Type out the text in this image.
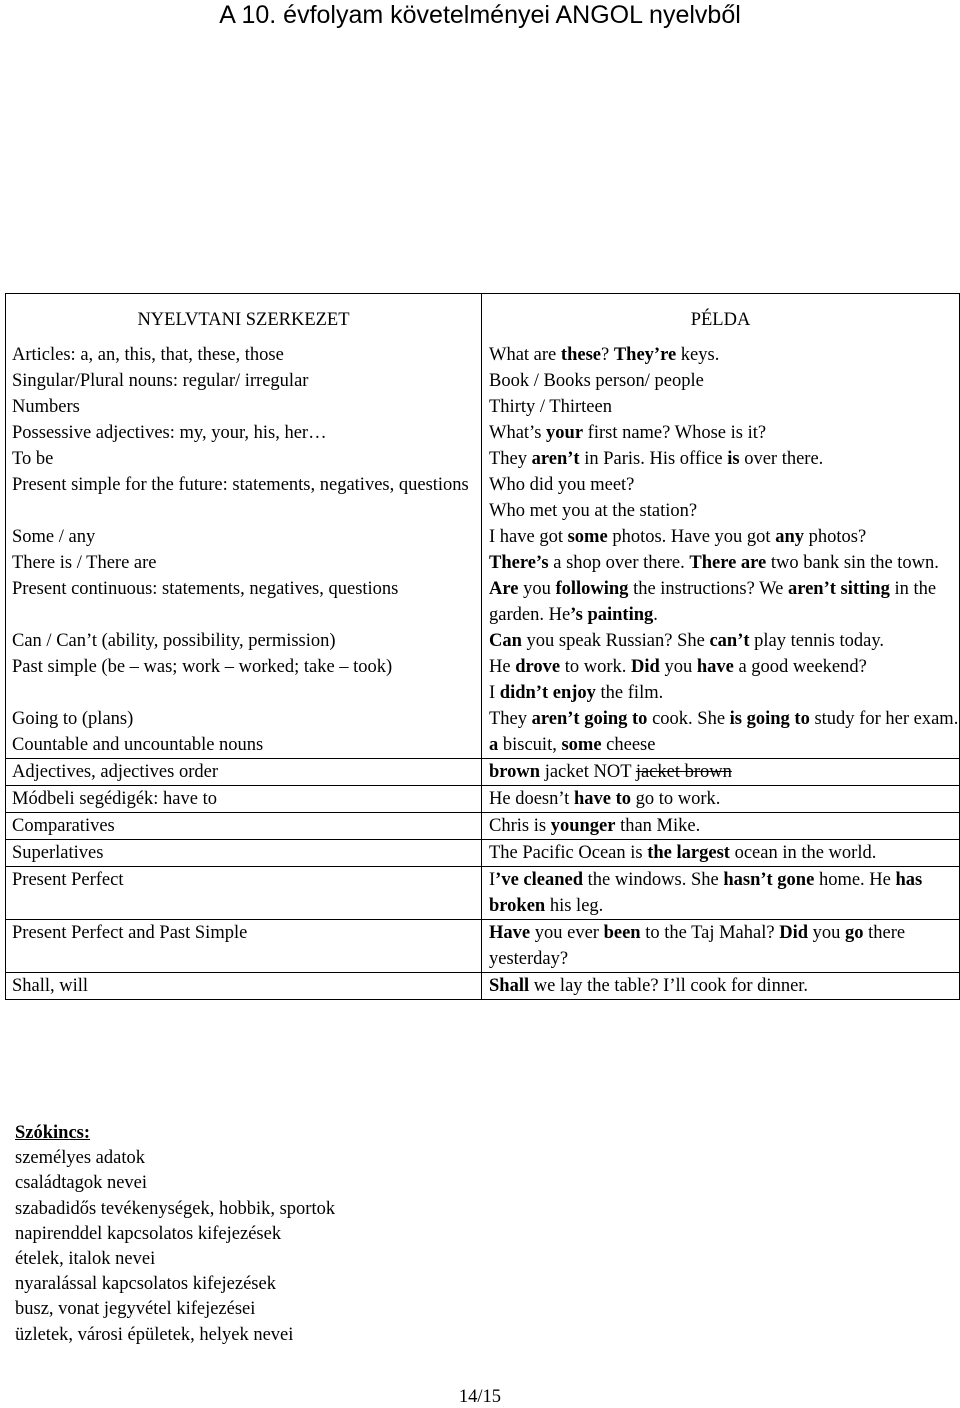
A 10. évfolyam követelményei ANGOL nyelvből
NYELVTANI SZERKEZET	PÉLDA
Articles: a, an, this, that, these, those	What are these? They’re keys.
Singular/Plural nouns: regular/ irregular	Book / Books person/ people
Numbers	Thirty / Thirteen
Possessive adjectives: my, your, his, her…	What’s your first name? Whose is it?
To be	They aren’t in Paris. His office is over there.
Present simple for the future: statements, negatives, questions	Who did you meet?
Who met you at the station?
Some / any	I have got some photos. Have you got any photos?
There is / There are	There’s a shop over there. There are two bank sin the town.
Present continuous: statements, negatives, questions	Are you following the instructions? We aren’t sitting in the garden. He’s painting.
Can / Can’t (ability, possibility, permission)	Can you speak Russian? She can’t play tennis today.
Past simple (be – was; work – worked; take – took)	He drove to work. Did you have a good weekend?
I didn’t enjoy the film.
Going to (plans)	They aren’t going to cook. She is going to study for her exam.
Countable and uncountable nouns	a biscuit, some cheese
Adjectives, adjectives order	brown jacket NOT jacket brown
Módbeli segédigék: have to	He doesn’t have to go to work.
Comparatives	Chris is younger than Mike.
Superlatives	The Pacific Ocean is the largest ocean in the world.
Present Perfect	I’ve cleaned the windows. She hasn’t gone home. He has broken his leg.
Present Perfect and Past Simple	Have you ever been to the Taj Mahal? Did you go there yesterday?
Shall, will	Shall we lay the table? I’ll cook for dinner.
Szókincs:
személyes adatok
családtagok nevei
szabadidős tevékenységek, hobbik, sportok
napirenddel kapcsolatos kifejezések
ételek, italok nevei
nyaralással kapcsolatos kifejezések
busz, vonat jegyvétel kifejezései
üzletek, városi épületek, helyek nevei
14/15
